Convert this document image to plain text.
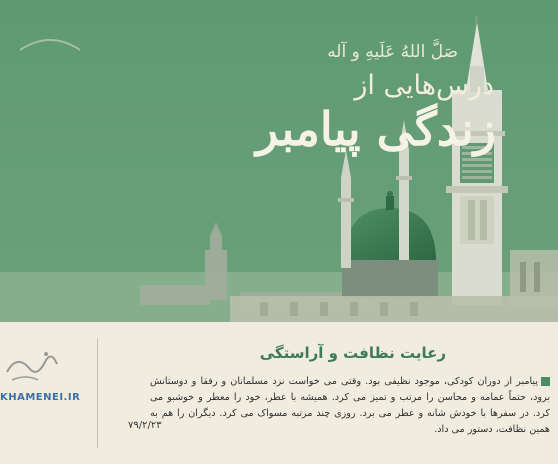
صَلَّ اللهُ عَلَيهِ و آله
درس‌هایی از
زندگی پیامبر
رعایت نظافت و آراستگی
پیامبر از دوران کودکی، موجود نظیفی بود. وقتی می خواست نزد مسلمانان و رفقا و دوستانش برود، حتماً عمامه و محاسن را مرتب و تمیز می کرد. همیشه با عطر، خود را معطر و خوشبو می کرد. در سفرها با خودش شانه و عطر می برد. روزی چند مرتبه مسواک می کرد. دیگران را هم به همین نظافت، دستور می داد.
۷۹/۲/۲۳
KHAMENEI.IR
